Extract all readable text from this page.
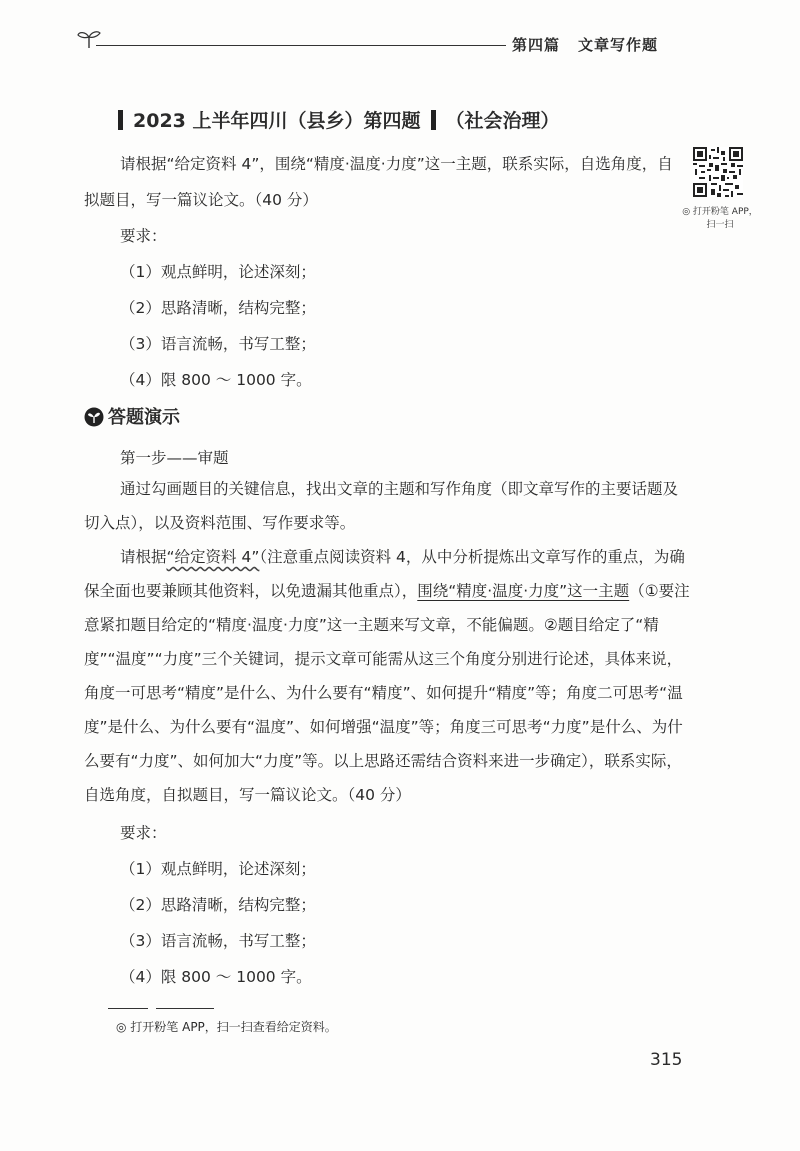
第四篇 文章写作题
2023 上半年四川（县乡）第四题 （社会治理）
◎ 打开粉笔 APP，
扫一扫
请根据“给定资料 4”，围绕“精度·温度·力度”这一主题，联系实际，自选角度，自
拟题目，写一篇议论文。（40 分）
要求：
（1）观点鲜明，论述深刻；
（2）思路清晰，结构完整；
（3）语言流畅，书写工整；
（4）限 800 ～ 1000 字。
答题演示
第一步——审题
通过勾画题目的关键信息，找出文章的主题和写作角度（即文章写作的主要话题及切入点），以及资料范围、写作要求等。
请根据“给定资料 4”（注意重点阅读资料 4，从中分析提炼出文章写作的重点，为确保全面也要兼顾其他资料，以免遗漏其他重点），围绕“精度·温度·力度”这一主题（①要注意紧扣题目给定的“精度·温度·力度”这一主题来写文章，不能偏题。②题目给定了“精度”“温度”“力度”三个关键词，提示文章可能需从这三个角度分别进行论述，具体来说，角度一可思考“精度”是什么、为什么要有“精度”、如何提升“精度”等；角度二可思考“温度”是什么、为什么要有“温度”、如何增强“温度”等；角度三可思考“力度”是什么、为什么要有“力度”、如何加大“力度”等。以上思路还需结合资料来进一步确定），联系实际，自选角度，自拟题目，写一篇议论文。（40 分）
要求：
（1）观点鲜明，论述深刻；
（2）思路清晰，结构完整；
（3）语言流畅，书写工整；
（4）限 800 ～ 1000 字。
◎ 打开粉笔 APP，扫一扫查看给定资料。
315
